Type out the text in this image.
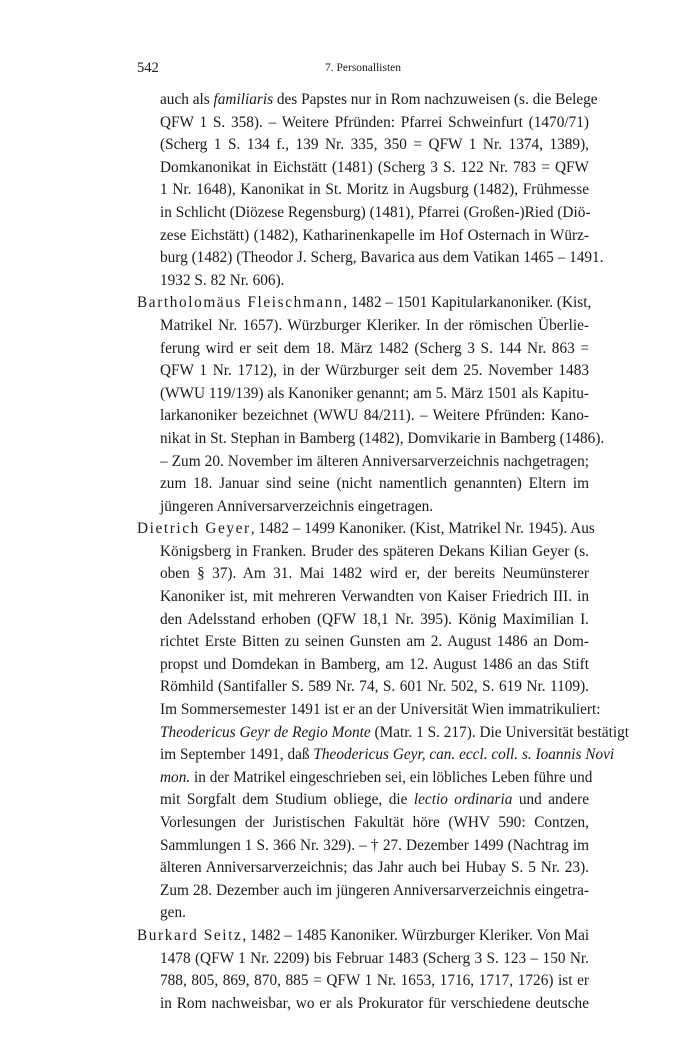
542	7. Personallisten
auch als familiaris des Papstes nur in Rom nachzuweisen (s. die Belege
QFW 1 S. 358). – Weitere Pfründen: Pfarrei Schweinfurt (1470/71)
(Scherg 1 S. 134 f., 139 Nr. 335, 350 = QFW 1 Nr. 1374, 1389),
Domkanonikat in Eichstätt (1481) (Scherg 3 S. 122 Nr. 783 = QFW
1 Nr. 1648), Kanonikat in St. Moritz in Augsburg (1482), Frühmesse
in Schlicht (Diözese Regensburg) (1481), Pfarrei (Großen-)Ried (Diö-
zese Eichstätt) (1482), Katharinenkapelle im Hof Osternach in Würz-
burg (1482) (Theodor J. Scherg, Bavarica aus dem Vatikan 1465 – 1491.
1932 S. 82 Nr. 606).
Bartholomäus Fleischmann, 1482 – 1501 Kapitularkanoniker. (Kist,
Matrikel Nr. 1657). Würzburger Kleriker. In der römischen Überlie-
ferung wird er seit dem 18. März 1482 (Scherg 3 S. 144 Nr. 863 =
QFW 1 Nr. 1712), in der Würzburger seit dem 25. November 1483
(WWU 119/139) als Kanoniker genannt; am 5. März 1501 als Kapitu-
larkanoniker bezeichnet (WWU 84/211). – Weitere Pfründen: Kano-
nikat in St. Stephan in Bamberg (1482), Domvikarie in Bamberg (1486).
– Zum 20. November im älteren Anniversarverzeichnis nachgetragen;
zum 18. Januar sind seine (nicht namentlich genannten) Eltern im
jüngeren Anniversarverzeichnis eingetragen.
Dietrich Geyer, 1482 – 1499 Kanoniker. (Kist, Matrikel Nr. 1945). Aus
Königsberg in Franken. Bruder des späteren Dekans Kilian Geyer (s.
oben § 37). Am 31. Mai 1482 wird er, der bereits Neumünsterer
Kanoniker ist, mit mehreren Verwandten von Kaiser Friedrich III. in
den Adelsstand erhoben (QFW 18,1 Nr. 395). König Maximilian I.
richtet Erste Bitten zu seinen Gunsten am 2. August 1486 an Dom-
propst und Domdekan in Bamberg, am 12. August 1486 an das Stift
Römhild (Santifaller S. 589 Nr. 74, S. 601 Nr. 502, S. 619 Nr. 1109).
Im Sommersemester 1491 ist er an der Universität Wien immatrikuliert:
Theodericus Geyr de Regio Monte (Matr. 1 S. 217). Die Universität bestätigt
im September 1491, daß Theodericus Geyr, can. eccl. coll. s. Ioannis Novi
mon. in der Matrikel eingeschrieben sei, ein löbliches Leben führe und
mit Sorgfalt dem Studium obliege, die lectio ordinaria und andere
Vorlesungen der Juristischen Fakultät höre (WHV 590: Contzen,
Sammlungen 1 S. 366 Nr. 329). – † 27. Dezember 1499 (Nachtrag im
älteren Anniversarverzeichnis; das Jahr auch bei Hubay S. 5 Nr. 23).
Zum 28. Dezember auch im jüngeren Anniversarverzeichnis eingetra-
gen.
Burkard Seitz, 1482 – 1485 Kanoniker. Würzburger Kleriker. Von Mai
1478 (QFW 1 Nr. 2209) bis Februar 1483 (Scherg 3 S. 123 – 150 Nr.
788, 805, 869, 870, 885 = QFW 1 Nr. 1653, 1716, 1717, 1726) ist er
in Rom nachweisbar, wo er als Prokurator für verschiedene deutsche
